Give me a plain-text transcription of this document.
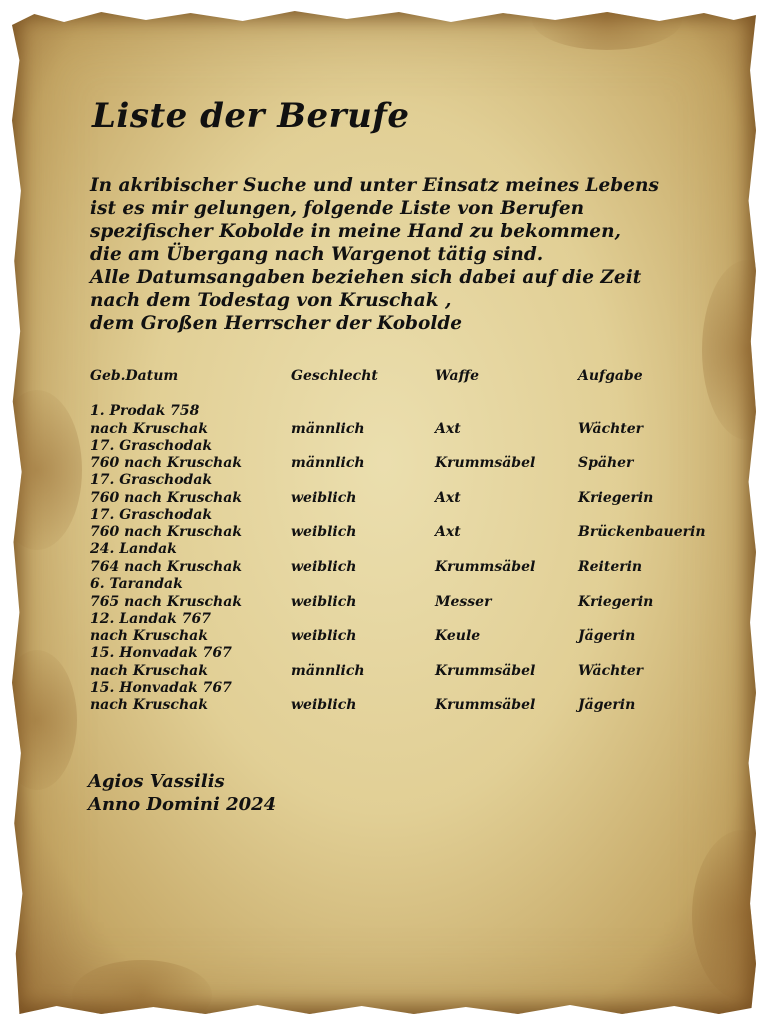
Liste der Berufe
In akribischer Suche und unter Einsatz meines Lebens
ist es mir gelungen, folgende Liste von Berufen
spezifischer Kobolde in meine Hand zu bekommen,
die am Übergang nach Wargenot tätig sind.
Alle Datumsangaben beziehen sich dabei auf die Zeit
nach dem Todestag von Kruschak ,
dem Großen Herrscher der Kobolde
Geb.Datum	Geschlecht	Waffe	Aufgabe
1. Prodak 758
nach Kruschak	männlich	Axt	Wächter
17. Graschodak
760 nach Kruschak	männlich	Krummsäbel	Späher
17. Graschodak
760 nach Kruschak	weiblich	Axt	Kriegerin
17. Graschodak
760 nach Kruschak	weiblich	Axt	Brückenbauerin
24. Landak
764 nach Kruschak	weiblich	Krummsäbel	Reiterin
6. Tarandak
765 nach Kruschak	weiblich	Messer	Kriegerin
12. Landak 767
nach Kruschak	weiblich	Keule	Jägerin
15. Honvadak 767
nach Kruschak	männlich	Krummsäbel	Wächter
15. Honvadak 767
nach Kruschak	weiblich	Krummsäbel	Jägerin
Agios Vassilis
Anno Domini 2024
